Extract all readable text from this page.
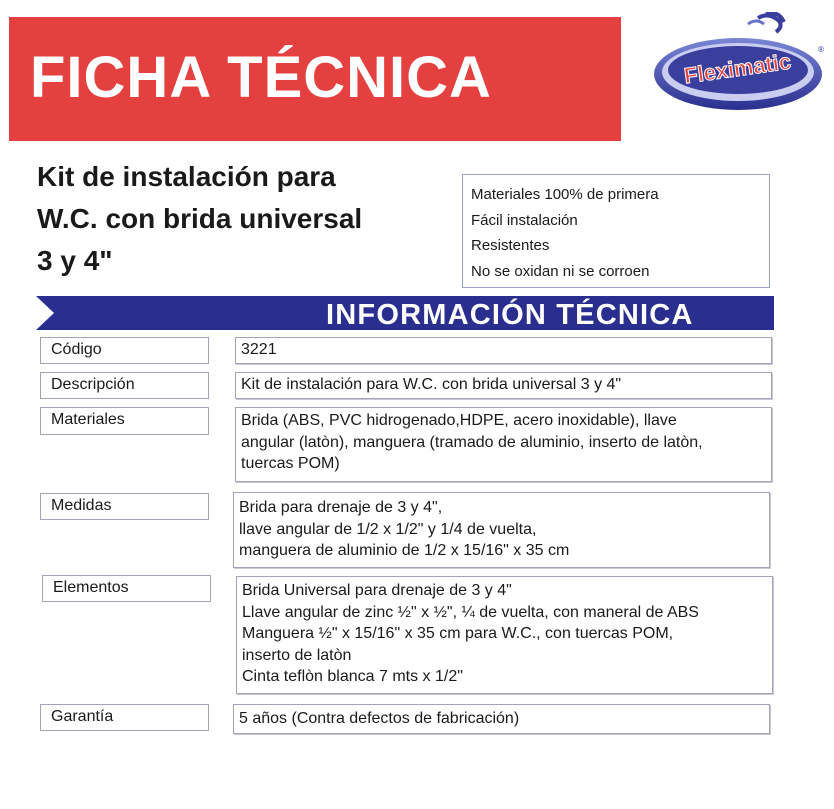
FICHA TÉCNICA	Fleximatic	®
Kit de instalación para
W.C. con brida universal
3 y 4"
Materiales 100% de primera
Fácil instalación
Resistentes
No se oxidan ni se corroen
INFORMACIÓN TÉCNICA
Código	3221
Descripción	Kit de instalación para W.C. con brida universal 3 y 4"
Materiales	Brida (ABS, PVC hidrogenado,HDPE, acero inoxidable), llave
angular (latòn), manguera (tramado de aluminio, inserto de latòn,
tuercas POM)
Medidas	Brida para drenaje de 3 y 4",
llave angular de 1/2 x 1/2" y 1/4 de vuelta,
manguera de aluminio de 1/2 x 15/16" x 35 cm
Elementos	Brida Universal para drenaje de 3 y 4"
Llave angular de zinc ½" x ½", ¼ de vuelta, con maneral de ABS
Manguera ½" x 15/16" x 35 cm para W.C., con tuercas POM,
inserto de latòn
Cinta teflòn blanca 7 mts x 1/2"
Garantía	5 años (Contra defectos de fabricación)
